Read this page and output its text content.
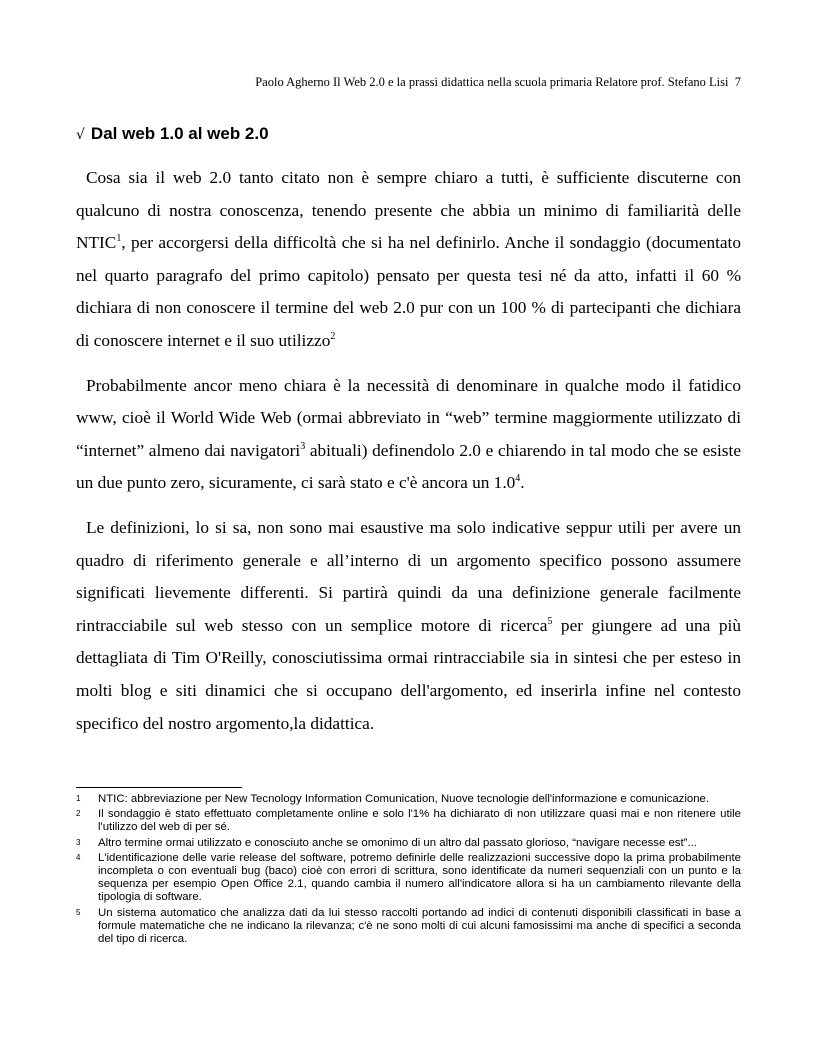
Paolo Agherno Il Web 2.0 e la prassi didattica nella scuola primaria Relatore prof. Stefano Lisi 7
√ Dal web 1.0 al web 2.0

Cosa sia il web 2.0 tanto citato non è sempre chiaro a tutti, è sufficiente discuterne con qualcuno di nostra conoscenza, tenendo presente che abbia un minimo di familiarità delle NTIC$^1$, per accorgersi della difficoltà che si ha nel definirlo. Anche il sondaggio (documentato nel quarto paragrafo del primo capitolo) pensato per questa tesi né da atto, infatti il 60 % dichiara di non conoscere il termine del web 2.0 pur con un 100 % di partecipanti che dichiara di conoscere internet e il suo utilizzo$^2$

Probabilmente ancor meno chiara è la necessità di denominare in qualche modo il fatidico www, cioè il World Wide Web (ormai abbreviato in “web” termine maggiormente utilizzato di “internet” almeno dai navigatori$^3$ abituali) definendolo 2.0 e chiarendo in tal modo che se esiste un due punto zero, sicuramente, ci sarà stato e c'è ancora un $1.0^4$.

Le definizioni, lo si sa, non sono mai esaustive ma solo indicative seppur utili per avere un quadro di riferimento generale e all’interno di un argomento specifico possono assumere significati lievemente differenti. Si partirà quindi da una definizione generale facilmente rintracciabile sul web stesso con un semplice motore di ricerca$^5$ per giungere ad una più dettagliata di Tim O'Reilly, conosciutissima ormai rintracciabile sia in sintesi che per esteso in molti blog e siti dinamici che si occupano dell'argomento, ed inserirla infine nel contesto specifico del nostro argomento,la didattica.

1	NTIC: abbreviazione per New Tecnology Information Comunication, Nuove tecnologie dell'informazione e comunicazione.
2	Il sondaggio è stato effettuato completamente online e solo l'1% ha dichiarato di non utilizzare quasi mai e non ritenere utile l'utilizzo del web di per sé.
3	Altro termine ormai utilizzato e conosciuto anche se omonimo di un altro dal passato glorioso, “navigare necesse est”...
4	L'identificazione delle varie release del software, potremo definirle delle realizzazioni successive dopo la prima probabilmente incompleta o con eventuali bug (baco) cioè con errori di scrittura, sono identificate da numeri sequenziali con un punto e la sequenza per esempio Open Office 2.1, quando cambia il numero all'indicatore allora si ha un cambiamento rilevante della tipologia di software.
5	Un sistema automatico che analizza dati da lui stesso raccolti portando ad indici di contenuti disponibili classificati in base a formule matematiche che ne indicano la rilevanza; c'è ne sono molti di cui alcuni famosissimi ma anche di specifici a seconda del tipo di ricerca.
